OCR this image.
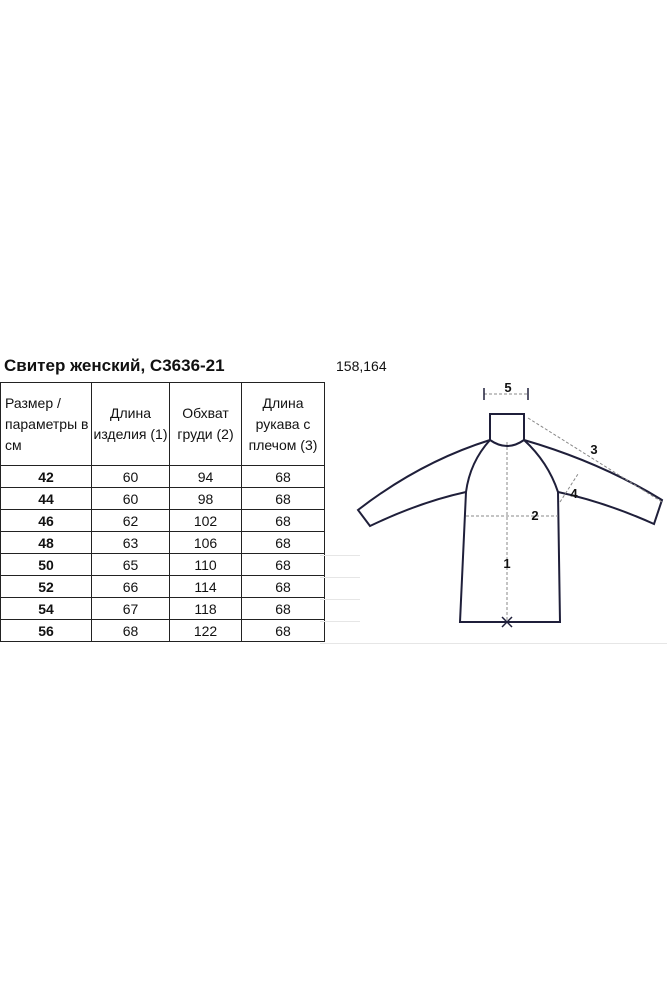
Свитер женский, С3636-21	158,164
Размер / параметры в см	Длина изделия (1)	Обхват груди (2)	Длина рукава с плечом (3)
42	60	94	68
44	60	98	68
46	62	102	68
48	63	106	68
50	65	110	68
52	66	114	68
54	67	118	68
56	68	122	68
5
1
2
3
4
